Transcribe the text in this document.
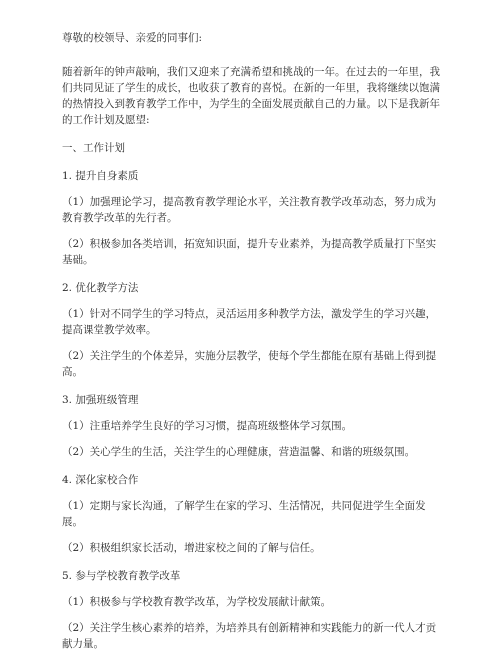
尊敬的校领导、亲爱的同事们:

随着新年的钟声敲响，我们又迎来了充满希望和挑战的一年。在过去的一年里，我们共同见证了学生的成长，也收获了教育的喜悦。在新的一年里，我将继续以饱满的热情投入到教育教学工作中，为学生的全面发展贡献自己的力量。以下是我新年的工作计划及愿望:

一、工作计划

1. 提升自身素质

（1）加强理论学习，提高教育教学理论水平，关注教育教学改革动态，努力成为教育教学改革的先行者。

（2）积极参加各类培训，拓宽知识面，提升专业素养，为提高教学质量打下坚实基础。

2. 优化教学方法

（1）针对不同学生的学习特点，灵活运用多种教学方法，激发学生的学习兴趣，提高课堂教学效率。

（2）关注学生的个体差异，实施分层教学，使每个学生都能在原有基础上得到提高。

3. 加强班级管理

（1）注重培养学生良好的学习习惯，提高班级整体学习氛围。

（2）关心学生的生活，关注学生的心理健康，营造温馨、和谐的班级氛围。

4. 深化家校合作

（1）定期与家长沟通，了解学生在家的学习、生活情况，共同促进学生全面发展。

（2）积极组织家长活动，增进家校之间的了解与信任。

5. 参与学校教育教学改革

（1）积极参与学校教育教学改革，为学校发展献计献策。

（2）关注学生核心素养的培养，为培养具有创新精神和实践能力的新一代人才贡献力量。
